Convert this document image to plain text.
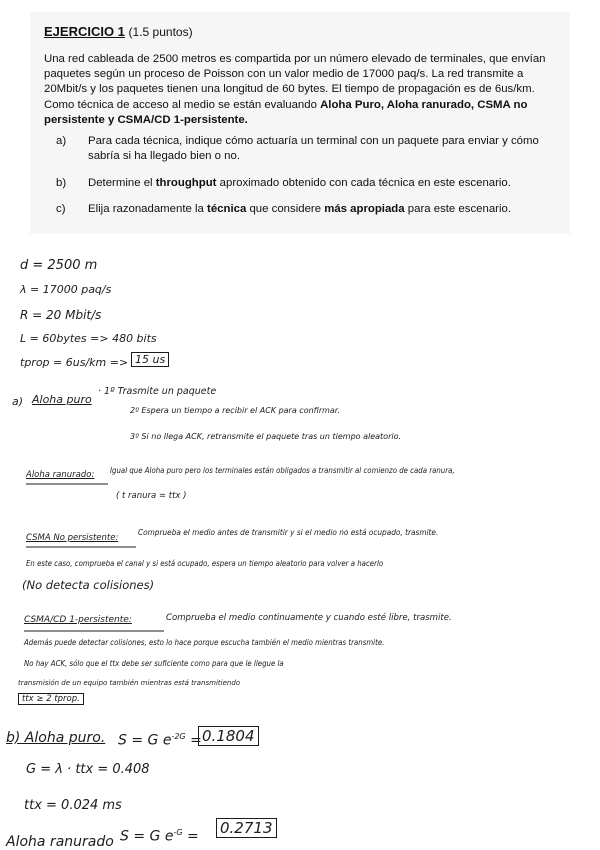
EJERCICIO 1 (1.5 puntos)
Una red cableada de 2500 metros es compartida por un número elevado de terminales, que envían paquetes según un proceso de Poisson con un valor medio de 17000 paq/s. La red transmite a 20Mbit/s y los paquetes tienen una longitud de 60 bytes. El tiempo de propagación es de 6us/km. Como técnica de acceso al medio se están evaluando Aloha Puro, Aloha ranurado, CSMA no persistente y CSMA/CD 1-persistente.
a) Para cada técnica, indique cómo actuaría un terminal con un paquete para enviar y cómo sabría si ha llegado bien o no.
b) Determine el throughput aproximado obtenido con cada técnica en este escenario.
c) Elija razonadamente la técnica que considere más apropiada para este escenario.
d = 2500 m
λ = 17000 paq/s
R = 20 Mbit/s
L = 60bytes => 480 bits
tprop = 6us/km => 15 us
a) Aloha puro
· 1º Trasmite un paquete
2º Espera un tiempo a recibir el ACK para confirmar.
3º Si no llega ACK, retransmite el paquete tras un tiempo aleatorio.
Aloha ranurado: Igual que Aloha puro pero los terminales están obligados a transmitir al comienzo de cada ranura,
( t ranura = ttx )
CSMA No persistente:
Comprueba el medio antes de transmitir y si el medio no está ocupado, trasmite.
En este caso, comprueba el canal y si está ocupado, espera un tiempo aleatorio para volver a hacerlo
(No detecta colisiones)
CSMA/CD 1-persistente:	Comprueba el medio continuamente y cuando esté libre, trasmite.
Además puede detectar colisiones, esto lo hace porque escucha también el medio mientras transmite.
No hay ACK, sólo que el ttx debe ser suficiente como para que le llegue la
transmisión de un equipo también mientras está transmitiendo
ttx ≥ 2 tprop.
b) Aloha puro. S = G $e^{-2G} = 0.1804$
G = λ · ttx = 0.408
ttx = 0.024 ms
Aloha ranurado S = G $e^{-G} = 0.2713$
